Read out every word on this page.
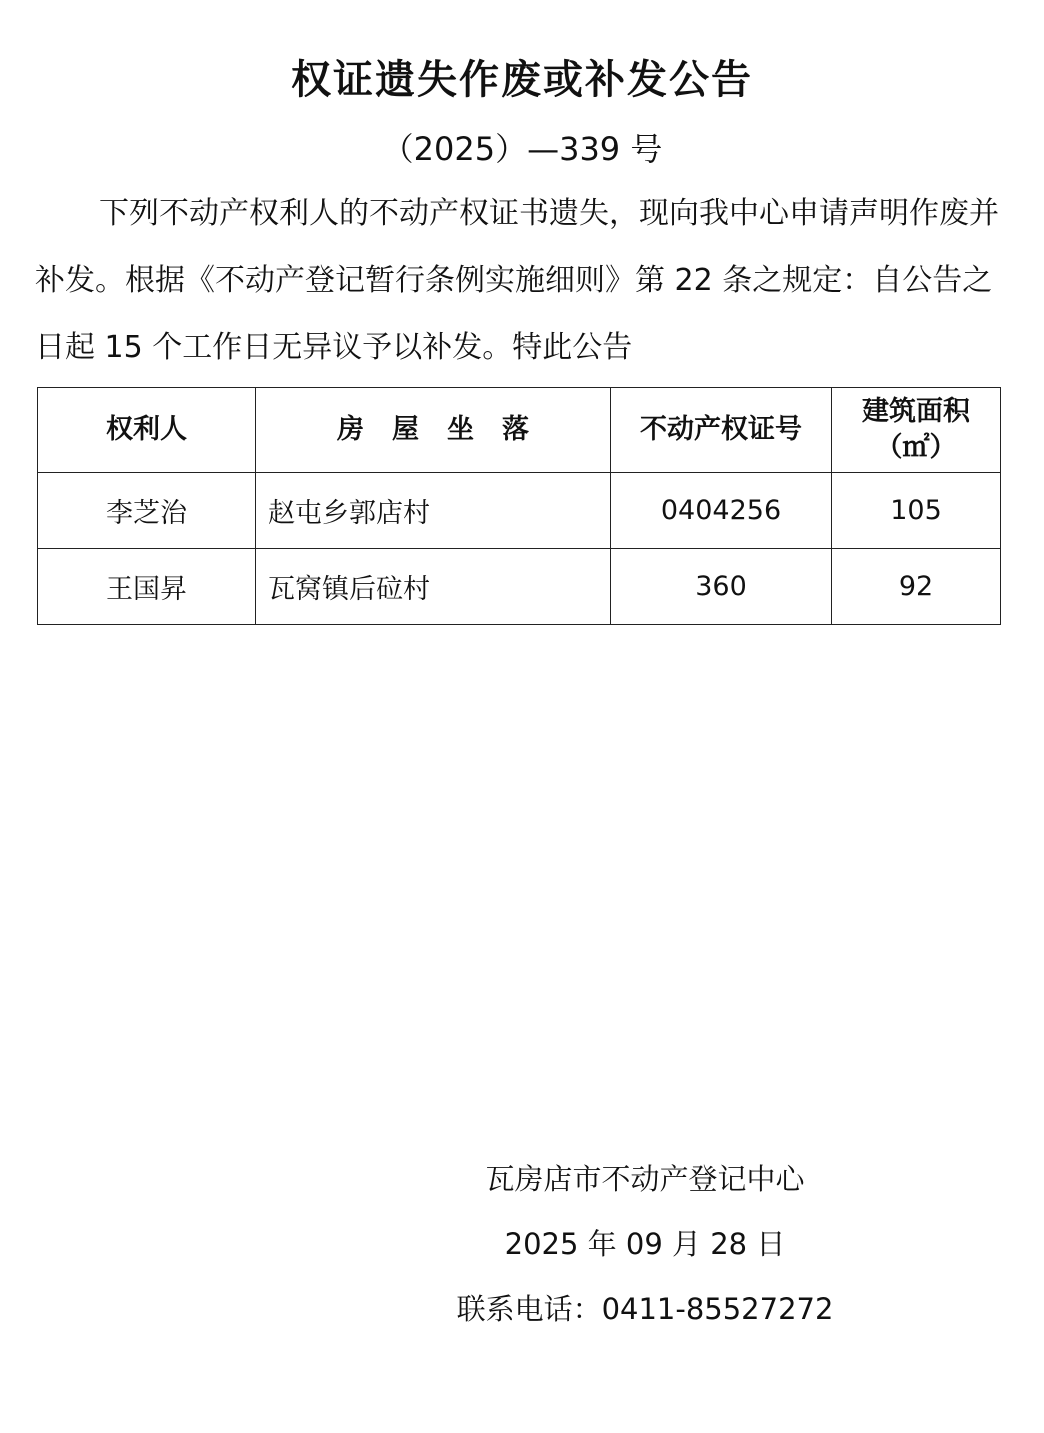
权证遗失作废或补发公告
（2025）—339 号

下列不动产权利人的不动产权证书遗失，现向我中心申请声明作废并补发。根据《不动产登记暂行条例实施细则》第 22 条之规定：自公告之日起 15 个工作日无异议予以补发。特此公告

权利人	房 屋 坐 落	不动产权证号	建筑面积
（㎡）

李芝治	赵屯乡郭店村	0404256	105
王国昇	瓦窝镇后砬村	360	92
瓦房店市不动产登记中心
2025 年 09 月 28 日
联系电话：0411-85527272
